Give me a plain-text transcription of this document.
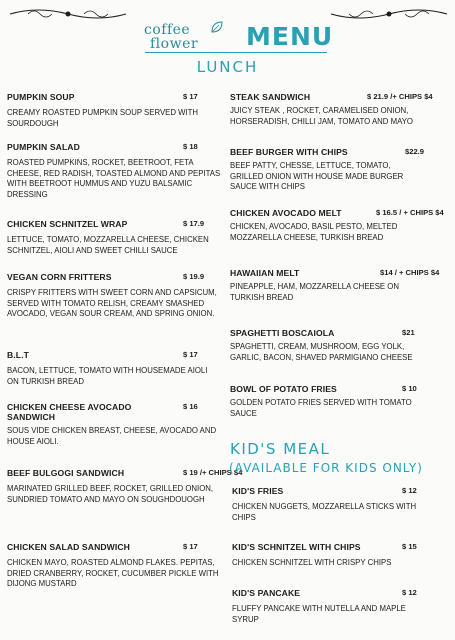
coffee
flower MENU
LUNCH
PUMPKIN SOUP	$ 17
CREAMY ROASTED PUMPKIN SOUP SERVED WITH SOURDOUGH
PUMPKIN SALAD	$ 18
ROASTED PUMPKINS, ROCKET, BEETROOT, FETA CHEESE, RED RADISH, TOASTED ALMOND AND PEPITAS WITH BEETROOT HUMMUS AND YUZU BALSAMIC DRESSING
CHICKEN SCHNITZEL WRAP	$ 17.9
LETTUCE, TOMATO, MOZZARELLA CHEESE, CHICKEN SCHNITZEL, AIOLI AND SWEET CHILLI SAUCE
VEGAN CORN FRITTERS	$ 19.9
CRISPY FRITTERS WITH SWEET CORN AND CAPSICUM, SERVED WITH TOMATO RELISH, CREAMY SMASHED AVOCADO, VEGAN SOUR CREAM, AND SPRING ONION.
B.L.T	$ 17
BACON, LETTUCE, TOMATO WITH HOUSEMADE AIOLI ON TURKISH BREAD
CHICKEN CHEESE AVOCADO SANDWICH
$ 16
SOUS VIDE CHICKEN BREAST, CHEESE, AVOCADO AND HOUSE AIOLI.
BEEF BULGOGI SANDWICH	$ 19 /+ CHIPS $4
MARINATED GRILLED BEEF, ROCKET, GRILLED ONION, SUNDRIED TOMATO AND MAYO ON SOUGHDOUOGH
CHICKEN SALAD SANDWICH	$ 17
CHICKEN MAYO, ROASTED ALMOND FLAKES. PEPITAS, DRIED CRANBERRY, ROCKET, CUCUMBER PICKLE WITH DIJONG MUSTARD
STEAK SANDWICH	$ 21.9 /+ CHIPS $4
JUICY STEAK , ROCKET, CARAMELISED ONION, HORSERADISH, CHILLI JAM, TOMATO AND MAYO
BEEF BURGER WITH CHIPS	$22.9
BEEF PATTY, CHESSE, LETTUCE, TOMATO, GRILLED ONION WITH HOUSE MADE BURGER SAUCE WITH CHIPS
CHICKEN AVOCADO MELT	$ 16.5 / + CHIPS $4
CHICKEN, AVOCADO, BASIL PESTO, MELTED MOZZARELLA CHEESE, TURKISH BREAD
HAWAIIAN MELT	$14 / + CHIPS $4
PINEAPPLE, HAM, MOZZARELLA CHEESE ON TURKISH BREAD
SPAGHETTI BOSCAIOLA	$21
SPAGHETTI, CREAM, MUSHROOM, EGG YOLK, GARLIC, BACON, SHAVED PARMIGIANO CHEESE
BOWL OF POTATO FRIES	$ 10
GOLDEN POTATO FRIES SERVED WITH TOMATO SAUCE
KID'S MEAL
(AVAILABLE FOR KIDS ONLY)
KID'S FRIES	$ 12
CHICKEN NUGGETS, MOZZARELLA STICKS WITH CHIPS
KID'S SCHNITZEL WITH CHIPS	$ 15
CHICKEN SCHNITZEL WITH CRISPY CHIPS
KID'S PANCAKE	$ 12
FLUFFY PANCAKE WITH NUTELLA AND MAPLE SYRUP
